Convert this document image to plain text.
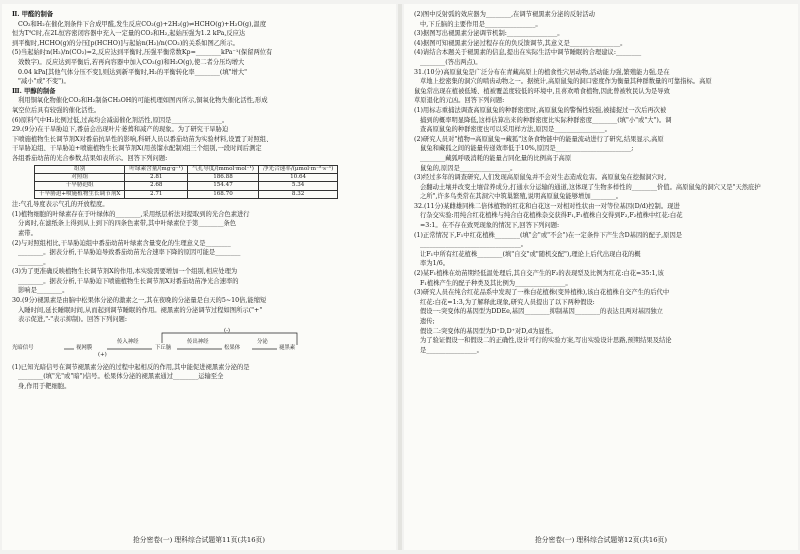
Ⅱ. 甲醛的制备

CO₂和H₂在催化剂条件下合成甲醛,发生反应CO₂(g)+2H₂(g)⇌HCHO(g)+H₂O(g),温度

恒为T℃时,在2L恒容密闭容器中充入一定量的CO₂和H₂,起始压强为1.2 kPa,反应达

到平衡时,HCHO(g)的分压[p(HCHO)]与起始n(H₂)/n(CO₂)的关系如图乙所示。

(5)当起始时n(H₂)/n(CO₂)=2,反应达到平衡时,压强平衡常数Kp=________kPa⁻¹(保留两位有

效数字)。反应达到平衡后,若再向容器中加入CO₂(g)和H₂O(g),使二者分压均增大

0.04 kPa[其他气体分压不变],则达到新平衡时,H₂的平衡转化率________(填"增大"

"减小"或"不变")。

Ⅲ. 甲醇的制备

利用铜氧化物催化CO₂和H₂制备CH₃OH的可能机理如图丙所示,铜氧化物失催化活性,形成

氧空位后具有较强的催化活性。

(6)原料气中H₂比例过低,过高均会减弱催化剂活性,原因是________________。

29.(9分)在干旱胁迫下,番茄会出现叶片萎蔫和减产的现象。为了研究干旱胁迫

下喷施植物生长调节剂X对番茄抗旱性的影响,科研人员以番茄幼苗为实验材料,设置了对照组、

干旱胁迫组、干旱胁迫+喷施植物生长调节剂X(用蒸馏水配制)组三个组别,一段时间后测定

各组番茄幼苗的光合参数,结果如表所示。回答下列问题:

组别	叶绿素含量/(mg·g⁻¹)	气孔导度/(mmol·mol⁻¹)	净光合速率/(μmol·m⁻²·s⁻¹)
对照组	2.81	186.88	10.64
干旱胁迫组	2.68	154.47	5.34
干旱胁迫+喷施植物生长调节剂X	2.71	168.70	8.32

注:气孔导度表示气孔的开放程度。

(1)植物细胞的叶绿素存在于叶绿体的________,采用纸层析法对提取到的光合色素进行

分离时,在滤纸条上得到从上到下的四条色素带,其中叶绿素位于第________条色

素带。

(2)与对照组相比,干旱胁迫组中番茄幼苗叶绿素含量变化的生理意义是________

________。据表分析,干旱胁迫导致番茄幼苗光合速率下降的原因可能是________

________。

(3)为了更准确反映植物生长调节剂X的作用,本实验需要增加一个组别,相应处理为

________。据表分析,干旱胁迫下喷施植物生长调节剂X对番茄幼苗净光合速率的

影响是________。

30.(9分)褪黑素是由脑中松果体分泌的激素之一,其在夜晚的分泌量是白天的5~10倍,能缩短

入睡时间,延长睡眠时间,从而起到调节睡眠的作用。褪黑素的分泌调节过程如图所示("+"

表示促进,"-"表示抑制)。回答下列问题:

光暗信号	视网膜
传入神经
下丘脑
传出神经
松果体
分泌
褪黑素
(+)
(-)

(1)已知光暗信号在调节褪黑素分泌的过程中起相反的作用,其中能促进褪黑素分泌的是

________(填"光"或"暗")信号。松果体分泌的褪黑素通过________运输至全

身,作用于靶细胞。

抢分密卷(一) 理科综合试题第11页(共16页)

(2)图中反射弧的效应器为________,在调节褪黑素分泌的反射活动

中,下丘脑的主要作用是________________。

(3)据图写出褪黑素分泌调节机制:________________。

(4)据图可知褪黑素分泌过程存在的负反馈调节,其意义是________________。

(4)请结合本题关于褪黑素的信息,提出在实际生活中调节睡眠的合理建议:________

________(答出两点)。

31.(10分)高原鼠兔是广泛分布在青藏高原上的植食性穴居动物,活动能力强,繁殖能力强,是在

草地上挖密集的洞穴的啮齿动物之一。据统计,高原鼠兔的洞口密度作为衡量其种群数量的可靠指标。高原

鼠兔常出现在植被低矮、植被覆盖度较低的环境中,且喜欢啃食植物,因此曾被牧民认为是导致

草原退化的元凶。回答下列问题:

(1)用标志重捕法调查高原鼠兔的种群密度时,高原鼠兔的警惕性较强,被捕捉过一次后再次被

捕到的概率明显降低,这样估算出来的种群密度比实际种群密度________(填"小"或"大")。调

查高原鼠兔的种群密度也可以采用样方法,原因是________________。

(2)研究人员对"植物→高原鼠兔→藏狐"这条食物链中的能量流动进行了研究,结果显示,高原

鼠兔和藏狐之间的能量传递效率低于10%,原因是________________________;

________藏狐呼吸消耗的能量占同化量的比例高于高原

鼠兔的,原因是________________。

(3)经过多年的调查研究,人们发现高原鼠兔并不会对生态造成危害。高原鼠兔在挖掘洞穴时,

会翻动土壤并改变土壤营养成分,打通水分运输的通道,这体现了生物多样性的________价值。高原鼠兔的洞穴又是"天然庇护

之所",许多鸟类常在其洞穴中筑巢繁殖,说明高原鼠兔能够增加________。

32.(11分)某雌雄同株二倍体植物的红花和白花这一对相对性状由一对等位基因(D/d)控制。现进

行杂交实验:用纯合红花植株与纯合白花植株杂交获得F₁,F₁植株自交得到F₂,F₂植株中红花:白花

=3:1。在不存在致死现象的情况下,回答下列问题:

(1)正常情况下,F₁中红花植株________(填"会"或"不会")在一定条件下产生含D基因的配子,原因是

________________________________。

让F₁中所有红花植株________(填"自交"或"随机交配"),理论上后代出现白花的概

率为1/6。

(2)某F₁植株在幼苗期经低温处理后,其自交产生的F₂的表现型及比例为红花:白花=35:1,该

F₁植株产生的配子种类及其比例为________________。

(3)研究人员在纯合红花品系中发现了一株白花植株(变异植株),该白花植株自交产生的后代中

红花:白花=1:3,为了解释此现象,研究人员提出了以下两种假设:

假设一:突变体的基因型为DDEe,基因________抑制基因________的表达且两对基因独立

遗传;

假设二:突变体的基因型为D⁺D,D⁺对D,d为显性。

为了验证假设一和假设二的正确性,设计可行的实验方案,写出实验设计思路,预期结果及结论

是________________。

抢分密卷(一) 理科综合试题第12页(共16页)
